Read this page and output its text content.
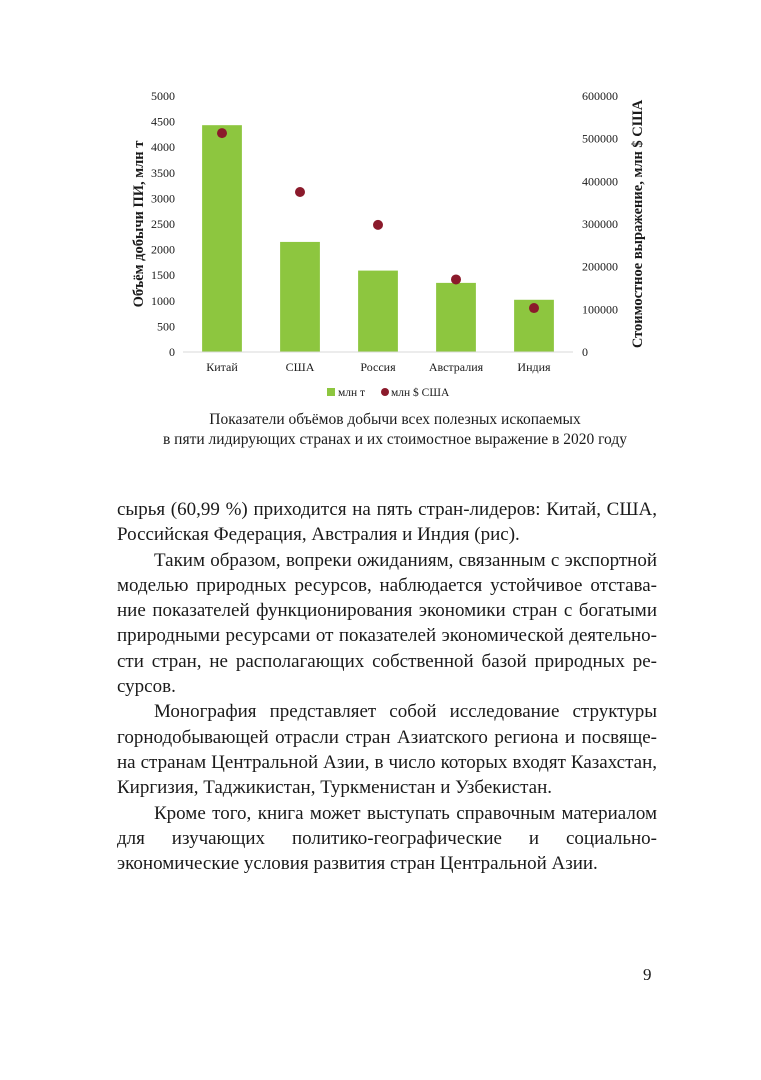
0
500
1000
1500
2000
2500
3000
3500
4000
4500
5000
0
100000
200000
300000
400000
500000
600000
Китай	США	Россия	Австралия	Индия
Объём добычи ПИ, млн т	Стоимостное выражение, млн $ США
млн т млн $ США
Показатели объёмов добычи всех полезных ископаемых
в пяти лидирующих странах и их стоимостное выражение в 2020 году

сырья (60,99 %) приходится на пять стран-лидеров: Китай, США, Российская Федерация, Австралия и Индия (рис).

Таким образом, вопреки ожиданиям, связанным с экспортной моделью природных ресурсов, наблюдается устойчивое отставание показателей функционирования экономики стран с богатыми природными ресурсами от показателей экономической деятельности стран, не располагающих собственной базой природных ресурсов.

Монография представляет собой исследование структуры горнодобывающей отрасли стран Азиатского региона и посвящена странам Центральной Азии, в число которых входят Казахстан, Киргизия, Таджикистан, Туркменистан и Узбекистан.

Кроме того, книга может выступать справочным материалом для изучающих политико-географические и социально-экономические условия развития стран Центральной Азии.

9
